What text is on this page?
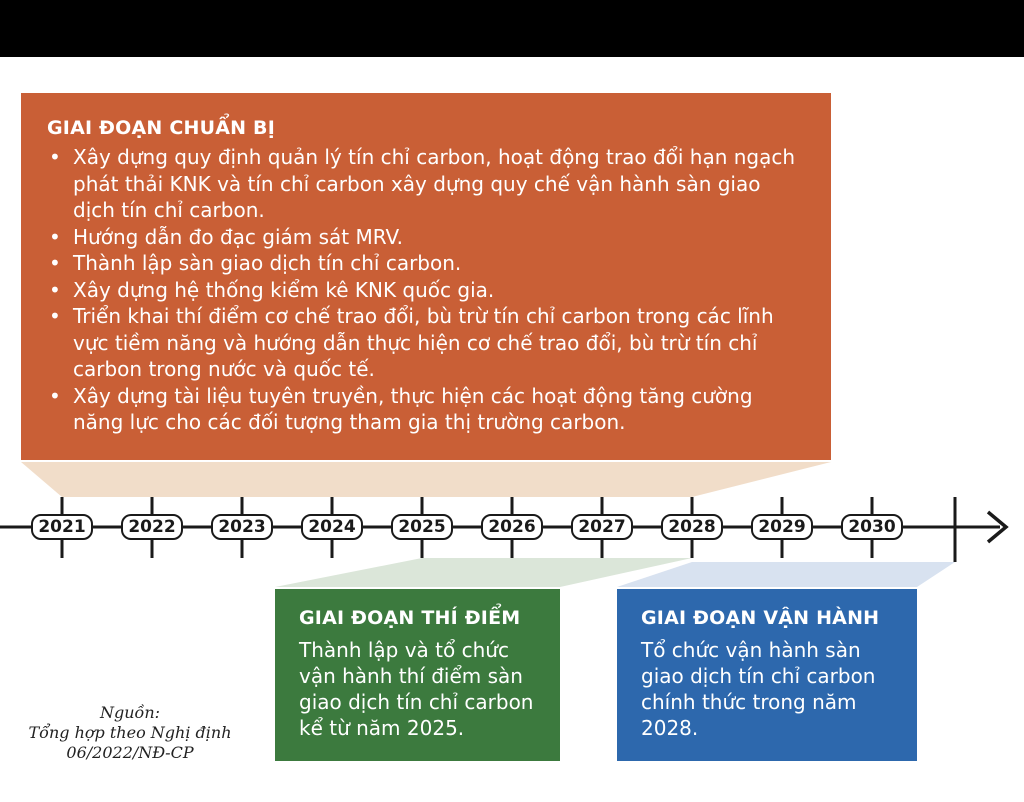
GIAI ĐOẠN CHUẨN BỊ
• Xây dựng quy định quản lý tín chỉ carbon, hoạt động trao đổi hạn ngạch phát thải KNK và tín chỉ carbon xây dựng quy chế vận hành sàn giao dịch tín chỉ carbon.
• Hướng dẫn đo đạc giám sát MRV.
• Thành lập sàn giao dịch tín chỉ carbon.
• Xây dựng hệ thống kiểm kê KNK quốc gia.
• Triển khai thí điểm cơ chế trao đổi, bù trừ tín chỉ carbon trong các lĩnh vực tiềm năng và hướng dẫn thực hiện cơ chế trao đổi, bù trừ tín chỉ carbon trong nước và quốc tế.
• Xây dựng tài liệu tuyên truyền, thực hiện các hoạt động tăng cường năng lực cho các đối tượng tham gia thị trường carbon.
2021	2022	2023	2024	2025	2026	2027	2028	2029	2030
GIAI ĐOẠN THÍ ĐIỂM
Thành lập và tổ chức vận hành thí điểm sàn giao dịch tín chỉ carbon kể từ năm 2025.
GIAI ĐOẠN VẬN HÀNH
Tổ chức vận hành sàn giao dịch tín chỉ carbon chính thức trong năm 2028.
Nguồn:
Tổng hợp theo Nghị định
06/2022/NĐ-CP
